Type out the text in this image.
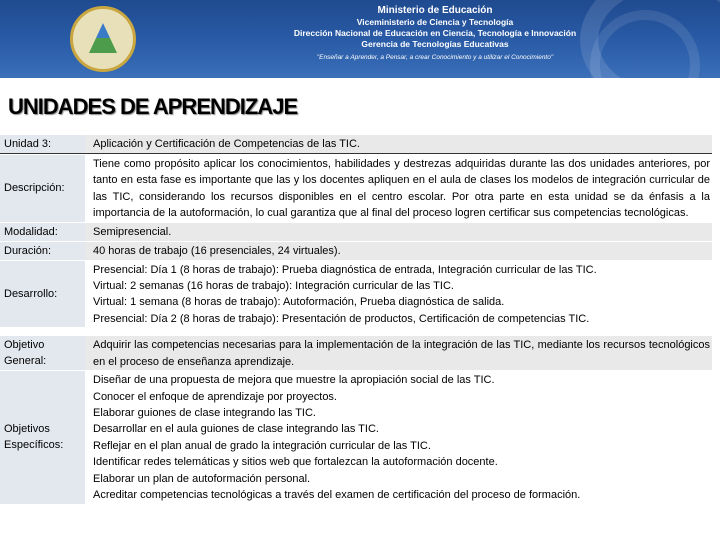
Ministerio de Educación
Viceministerio de Ciencia y Tecnología
Dirección Nacional de Educación en Ciencia, Tecnología e Innovación
Gerencia de Tecnologías Educativas
"Enseñar a Aprender, a Pensar, a crear Conocimiento y a utilizar el Conocimiento"
UNIDADES DE APRENDIZAJE
Unidad 3:	Aplicación y Certificación de Competencias de las TIC.
Descripción:
Tiene como propósito aplicar los conocimientos, habilidades y destrezas adquiridas durante las dos unidades anteriores, por tanto en esta fase es importante que las y los docentes apliquen en el aula de clases los modelos de integración curricular de las TIC, considerando los recursos disponibles en el centro escolar. Por otra parte en esta unidad se da énfasis a la importancia de la autoformación, lo cual garantiza que al final del proceso logren certificar sus competencias tecnológicas.
Modalidad:	Semipresencial.
Duración:	40 horas de trabajo (16 presenciales, 24 virtuales).
Desarrollo:
Presencial: Día 1 (8 horas de trabajo): Prueba diagnóstica de entrada, Integración curricular de las TIC.
Virtual: 2 semanas (16 horas de trabajo): Integración curricular de las TIC.
Virtual: 1 semana (8 horas de trabajo): Autoformación, Prueba diagnóstica de salida.
Presencial: Día 2 (8 horas de trabajo): Presentación de productos, Certificación de competencias TIC.
Objetivo General:
Adquirir las competencias necesarias para la implementación de la integración de las TIC, mediante los recursos tecnológicos en el proceso de enseñanza aprendizaje.
Objetivos Específicos:
Diseñar de una propuesta de mejora que muestre la apropiación social de las TIC.
Conocer el enfoque de aprendizaje por proyectos.
Elaborar guiones de clase integrando las TIC.
Desarrollar en el aula guiones de clase integrando las TIC.
Reflejar en el plan anual de grado la integración curricular de las TIC.
Identificar redes telemáticas y sitios web que fortalezcan la autoformación docente.
Elaborar un plan de autoformación personal.
Acreditar competencias tecnológicas a través del examen de certificación del proceso de formación.
